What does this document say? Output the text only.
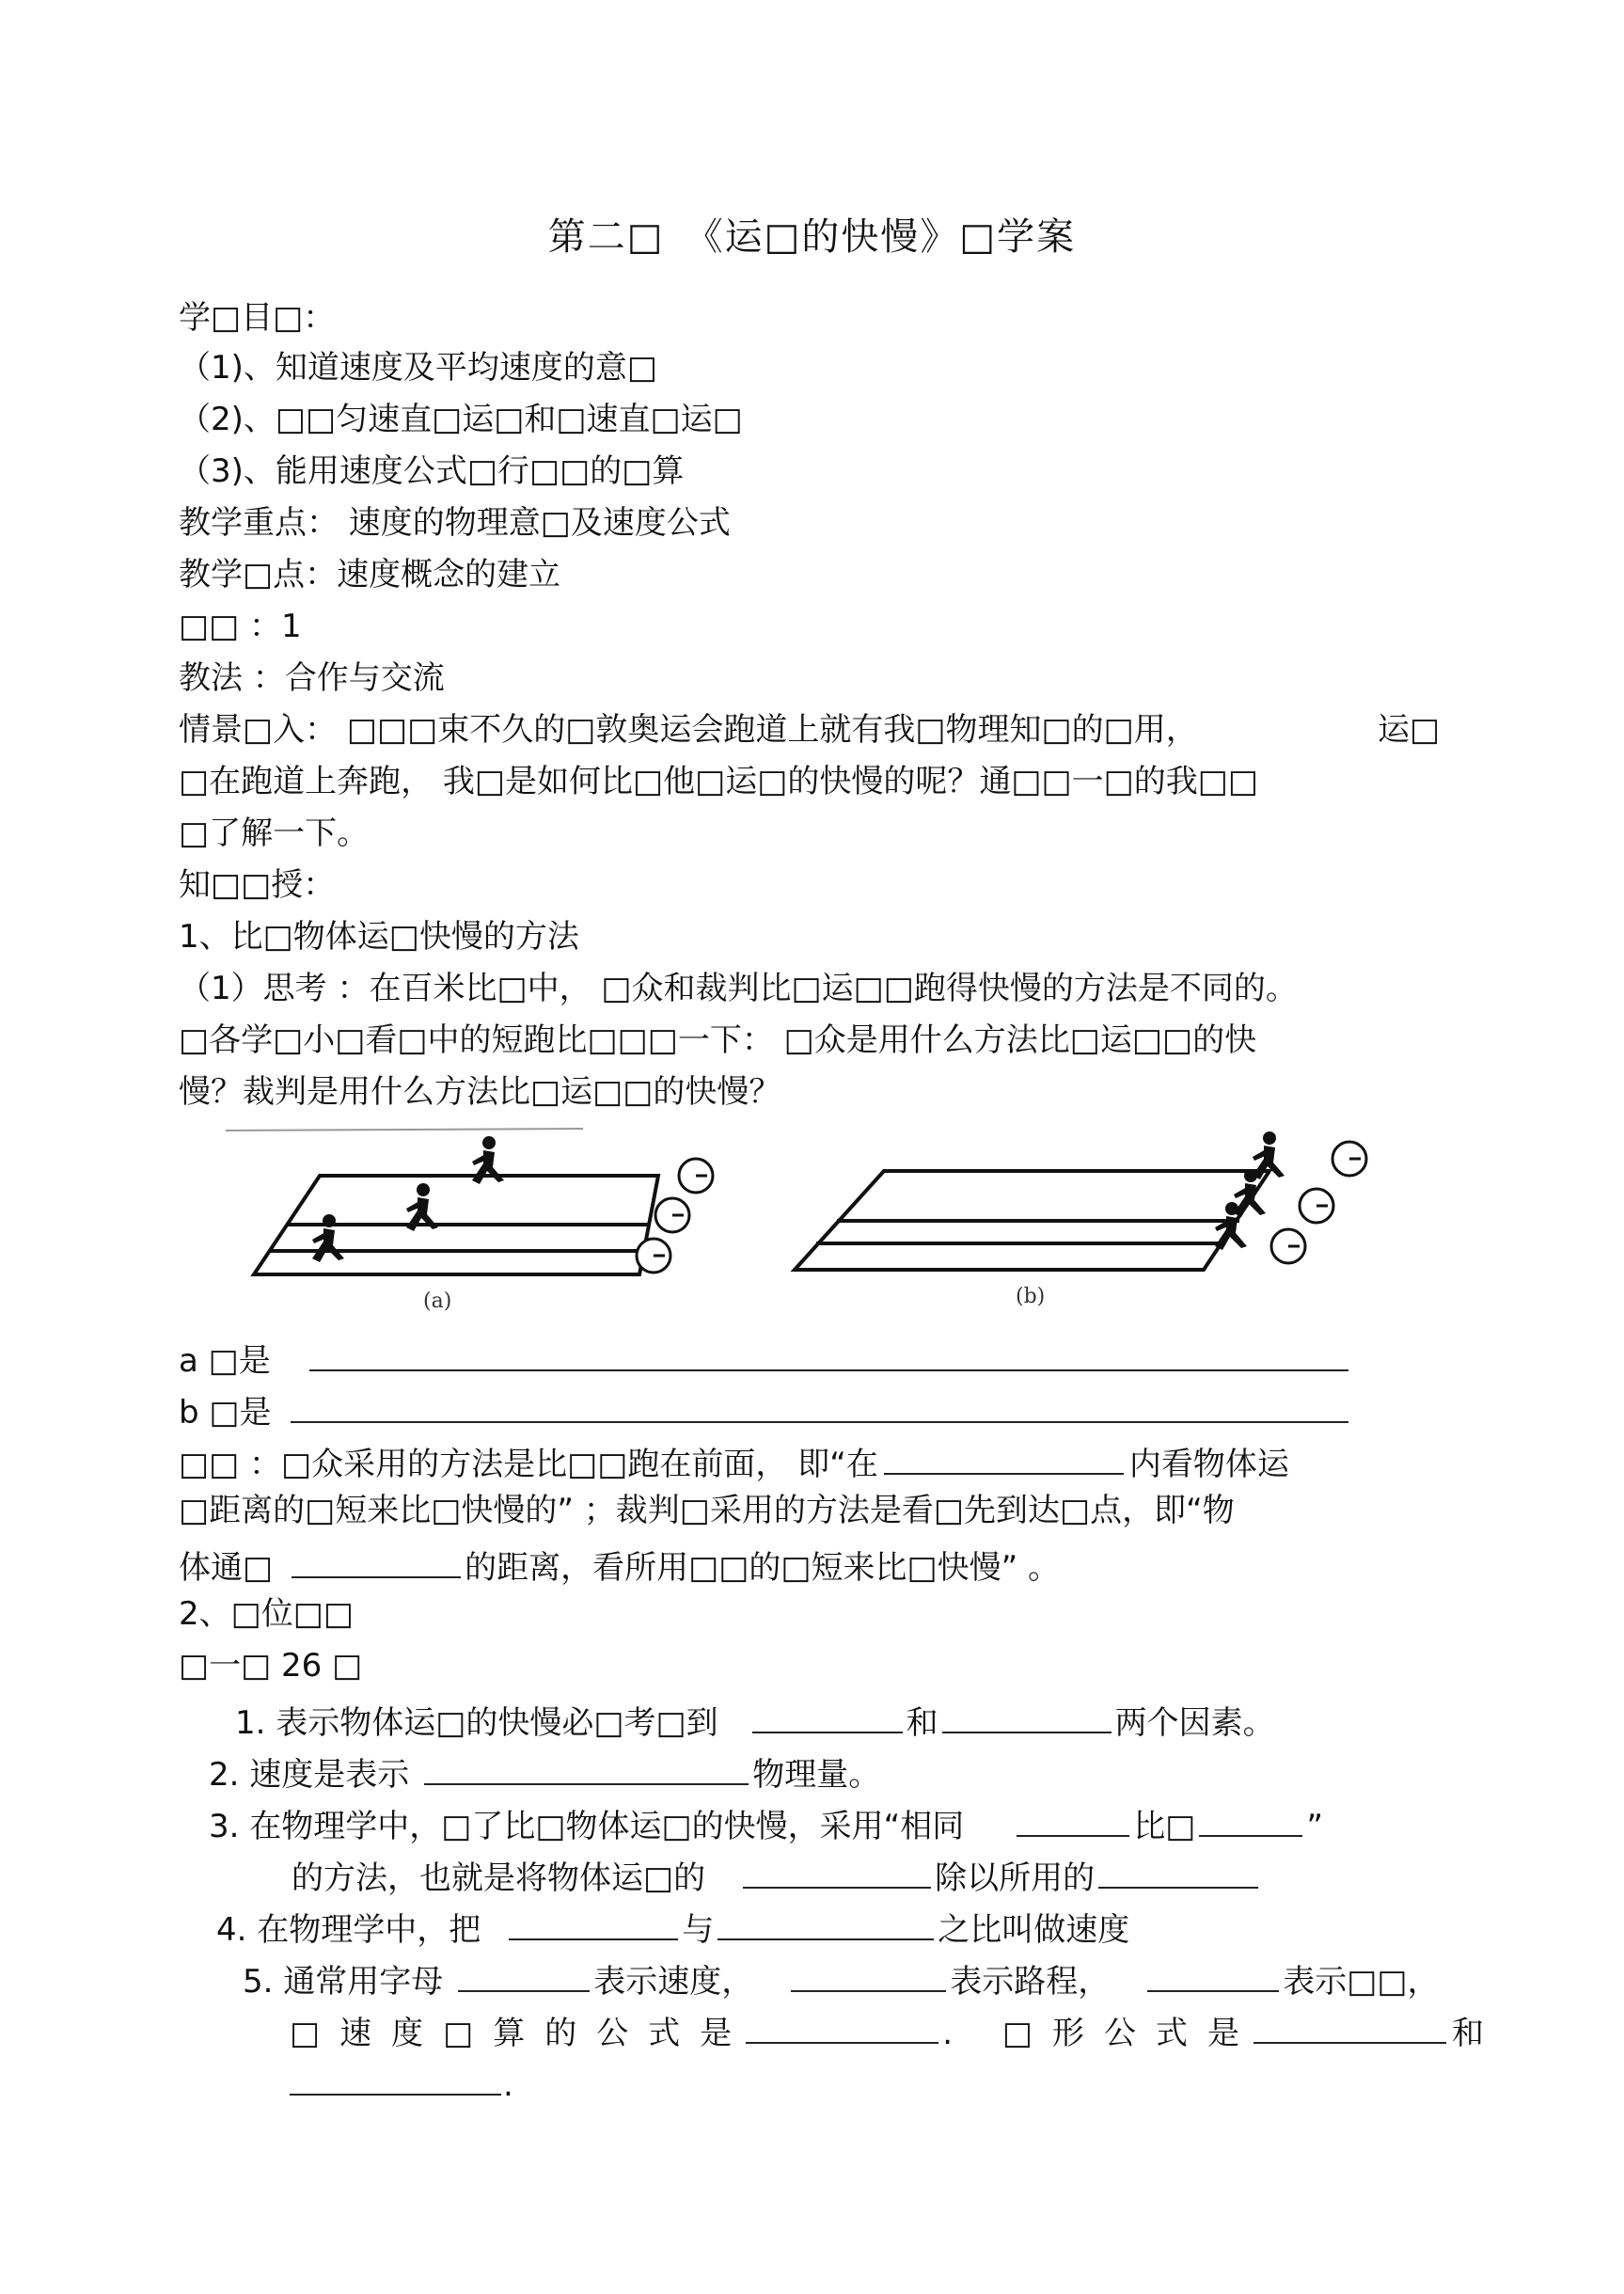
第二□　《运□的快慢》□学案
学□目□：
（1)、知道速度及平均速度的意□
（2)、□□匀速直□运□和□速直□运□
（3)、能用速度公式□行□□的□算
教学重点： 速度的物理意□及速度公式
教学□点：速度概念的建立
□□ ：1
教法 ：合作与交流
情景□入： □□□束不久的□敦奥运会跑道上就有我□物理知□的□用，	运□
□在跑道上奔跑， 我□是如何比□他□运□的快慢的呢？通□□一□的我□□
□了解一下。
知□□授：
1、比□物体运□快慢的方法
（1）思考 ：在百米比□中， □众和裁判比□运□□跑得快慢的方法是不同的。
□各学□小□看□中的短跑比□□□一下： □众是用什么方法比□运□□的快
慢？裁判是用什么方法比□运□□的快慢？
(a)	(b)
a □是
b □是
□□ ：□众采用的方法是比□□跑在前面， 即“在	内看物体运
□距离的□短来比□快慢的” ；裁判□采用的方法是看□先到达□点，即“物
体通□	的距离，看所用□□的□短来比□快慢” 。
2、□位□□
□一□ 26 □
1. 表示物体运□的快慢必□考□到	和	两个因素。
2. 速度是表示	物理量。
3. 在物理学中，□了比□物体运□的快慢，采用“相同	比□	”
的方法，也就是将物体运□的	除以所用的
4. 在物理学中，把	与	之比叫做速度
5. 通常用字母	表示速度，	表示路程，	表示□□，
□速度□算的公式是	. □形公式是	和
.
